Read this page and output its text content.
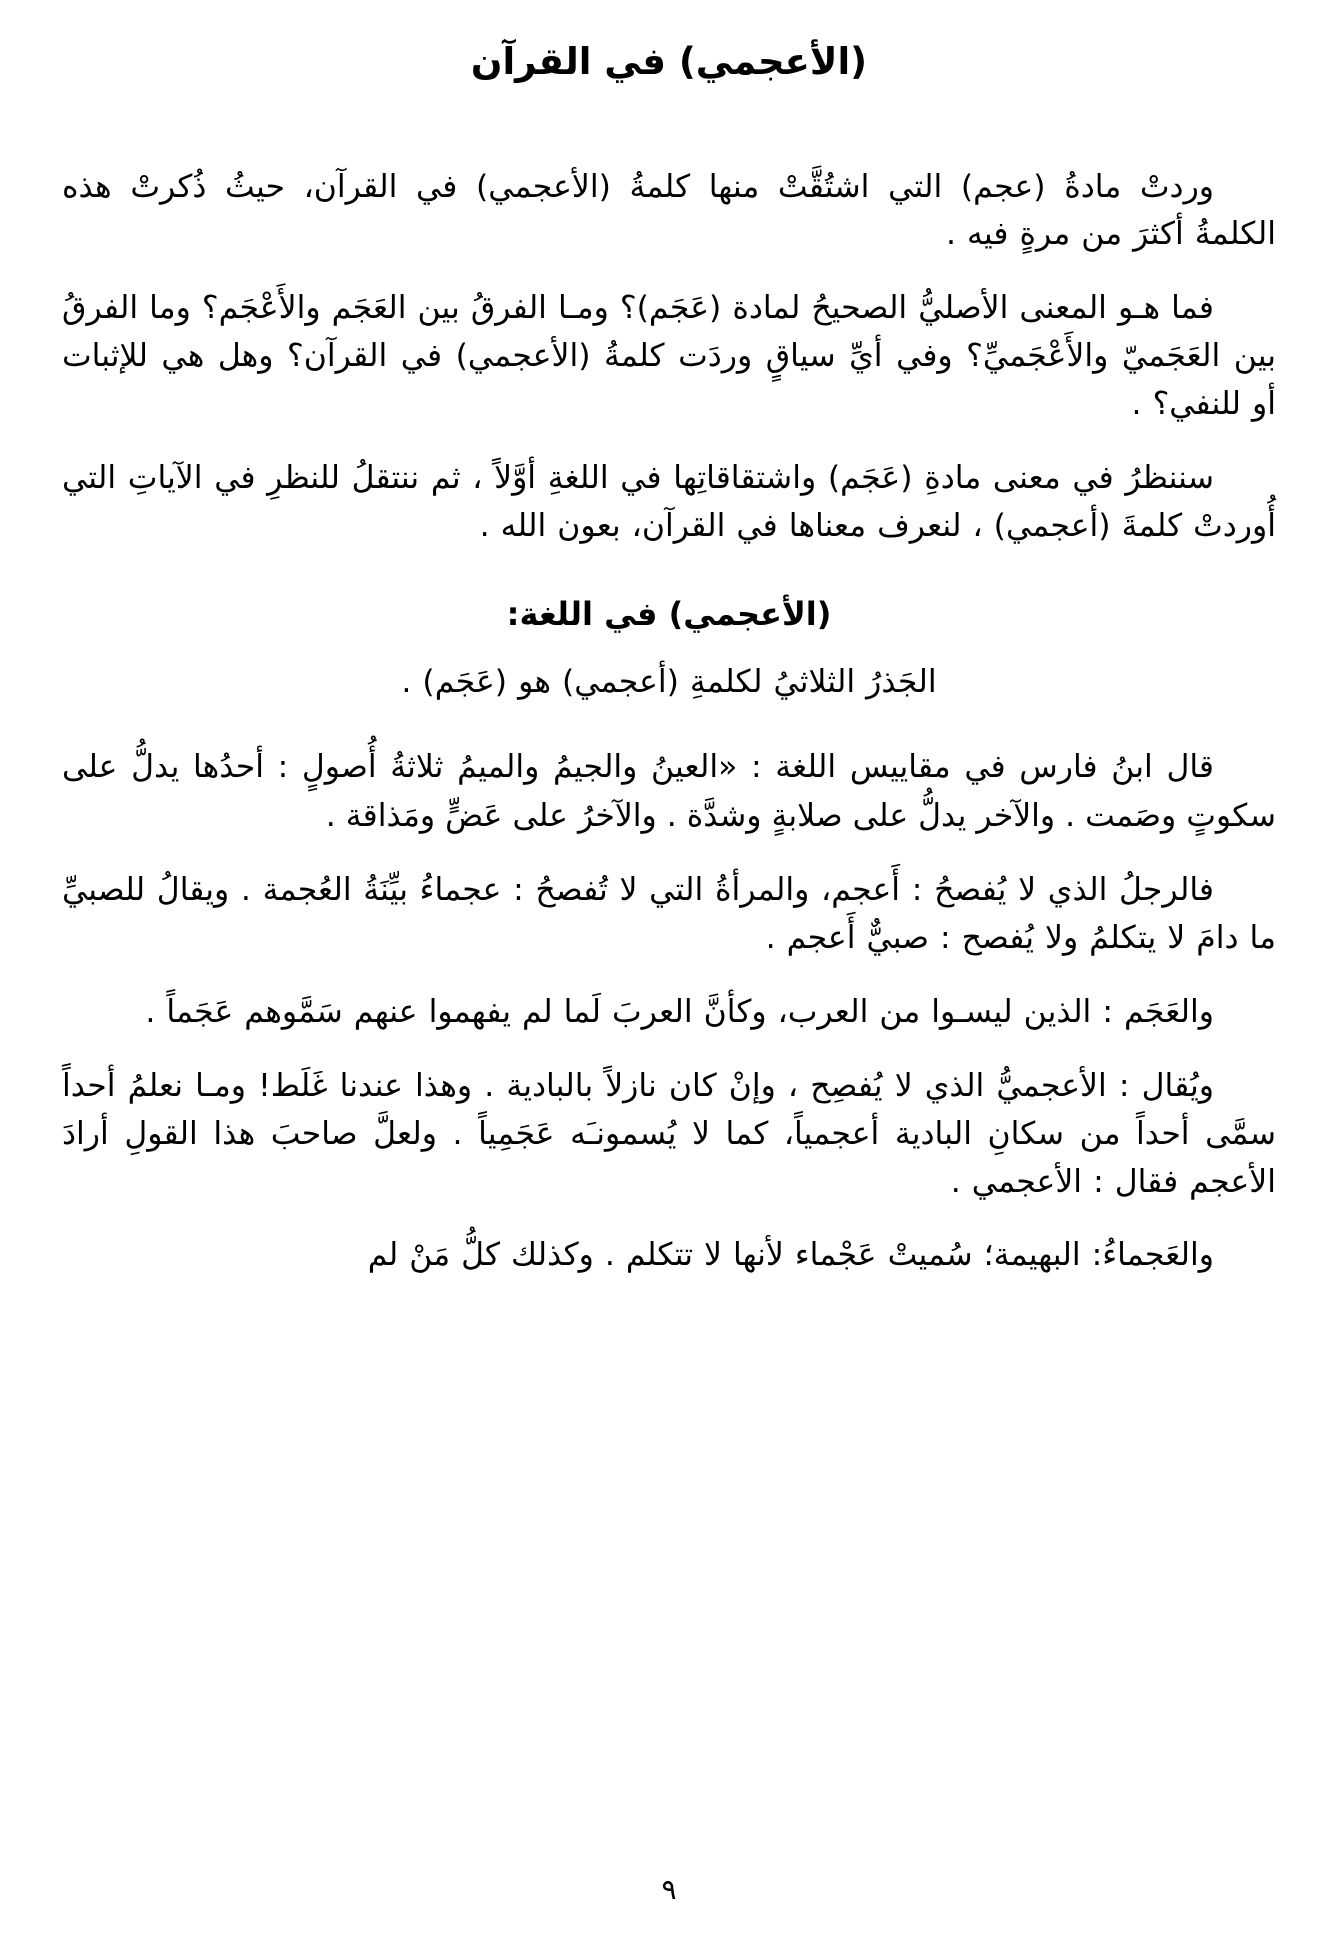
(الأعجمي) في القرآن

وردتْ مادةُ (عجم) التي اشتُقَّتْ منها كلمةُ (الأعجمي) في القرآن، حيثُ ذُكرتْ هذه الكلمةُ أكثرَ من مرةٍ فيه .

فما هـو المعنى الأصليُّ الصحيحُ لمادة (عَجَم)؟ ومـا الفرقُ بين العَجَم والأَعْجَم؟ وما الفرقُ بين العَجَميّ والأَعْجَميِّ؟ وفي أيِّ سياقٍ وردَت كلمةُ (الأعجمي) في القرآن؟ وهل هي للإثبات أو للنفي؟ .

سننظرُ في معنى مادةِ (عَجَم) واشتقاقاتِها في اللغةِ أوَّلاً ، ثم ننتقلُ للنظرِ في الآياتِ التي أُوردتْ كلمةَ (أعجمي) ، لنعرف معناها في القرآن، بعون الله .

(الأعجمي) في اللغة:

الجَذرُ الثلاثيُ لكلمةِ (أعجمي) هو (عَجَم) .

قال ابنُ فارس في مقاييس اللغة : «العينُ والجيمُ والميمُ ثلاثةُ أُصولٍ : أحدُها يدلُّ على سكوتٍ وصَمت . والآخر يدلُّ على صلابةٍ وشدَّة . والآخرُ على عَضٍّ ومَذاقة .

فالرجلُ الذي لا يُفصحُ : أَعجم، والمرأةُ التي لا تُفصحُ : عجماءُ بيِّنَةُ العُجمة . ويقالُ للصبيِّ ما دامَ لا يتكلمُ ولا يُفصح : صبيٌّ أَعجم .

والعَجَم : الذين ليسـوا من العرب، وكأنَّ العربَ لَما لم يفهموا عنهم سَمَّوهم عَجَماً .

ويُقال : الأعجميُّ الذي لا يُفصِح ، وإنْ كان نازلاً بالبادية . وهذا عندنا غَلَط! ومـا نعلمُ أحداً سمَّى أحداً من سكانِ البادية أعجمياً، كما لا يُسمونـَه عَجَمِياً . ولعلَّ صاحبَ هذا القولِ أرادَ الأعجم فقال : الأعجمي .

والعَجماءُ: البهيمة؛ سُميتْ عَجْماء لأنها لا تتكلم . وكذلك كلُّ مَنْ لم

٩
